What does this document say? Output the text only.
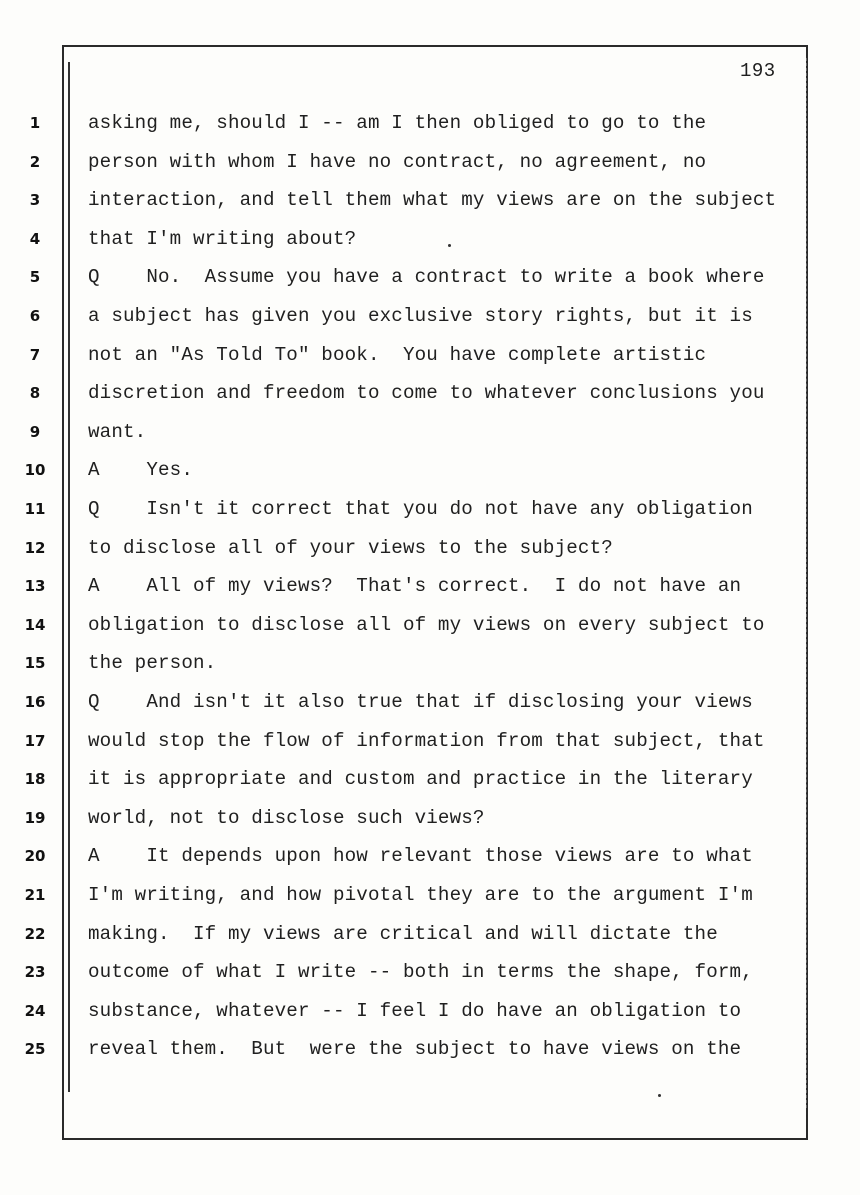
193
1	asking me, should I -- am I then obliged to go to the
2	person with whom I have no contract, no agreement, no
3	interaction, and tell them what my views are on the subject
4	that I'm writing about?
5	Q    No.  Assume you have a contract to write a book where
6	a subject has given you exclusive story rights, but it is
7	not an "As Told To" book.  You have complete artistic
8	discretion and freedom to come to whatever conclusions you
9	want.
10	A    Yes.
11	Q    Isn't it correct that you do not have any obligation
12	to disclose all of your views to the subject?
13	A    All of my views?  That's correct.  I do not have an
14	obligation to disclose all of my views on every subject to
15	the person.
16	Q    And isn't it also true that if disclosing your views
17	would stop the flow of information from that subject, that
18	it is appropriate and custom and practice in the literary
19	world, not to disclose such views?
20	A    It depends upon how relevant those views are to what
21	I'm writing, and how pivotal they are to the argument I'm
22	making.  If my views are critical and will dictate the
23	outcome of what I write -- both in terms the shape, form,
24	substance, whatever -- I feel I do have an obligation to
25	reveal them.  But  were the subject to have views on the
